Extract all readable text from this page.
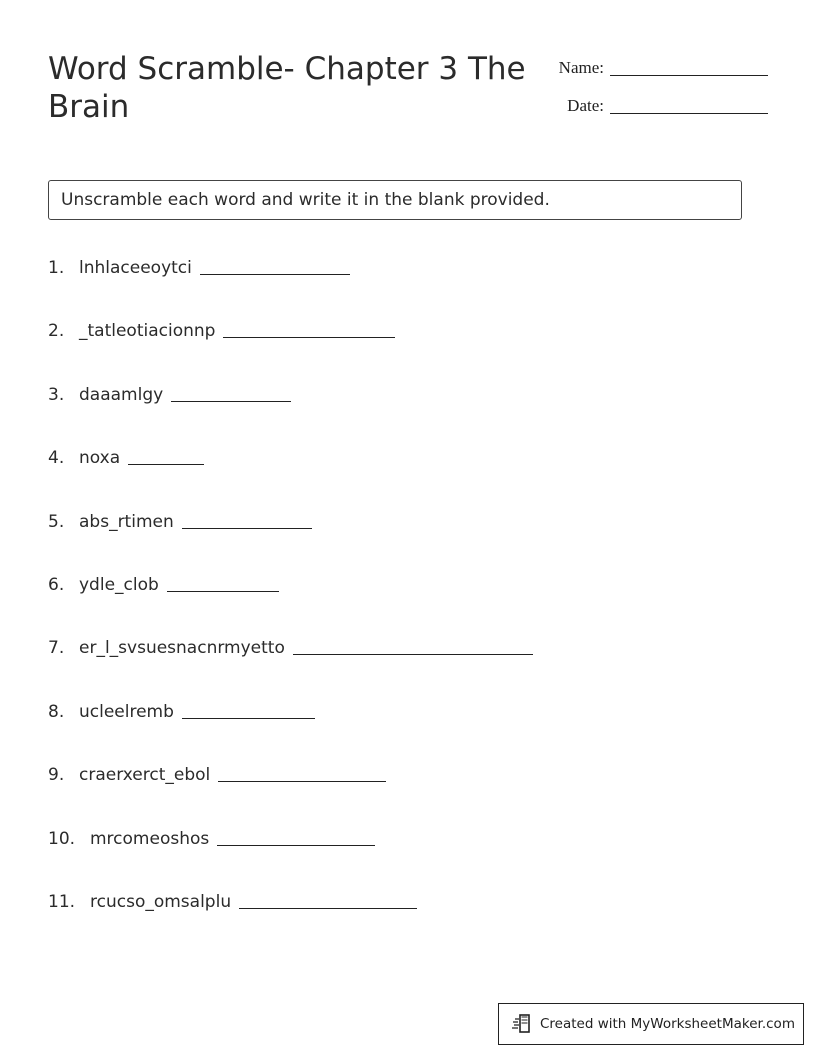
Word Scramble- Chapter 3 The Brain
Name:
Date:
Unscramble each word and write it in the blank provided.
1. lnhlaceeoytci
2. _tatleotiacionnp
3. daaamlgy
4. noxa
5. abs_rtimen
6. ydle_clob
7. er_l_svsuesnacnrmyetto
8. ucleelremb
9. craerxerct_ebol
10. mrcomeoshos
11. rcucso_omsalplu
Created with MyWorksheetMaker.com
